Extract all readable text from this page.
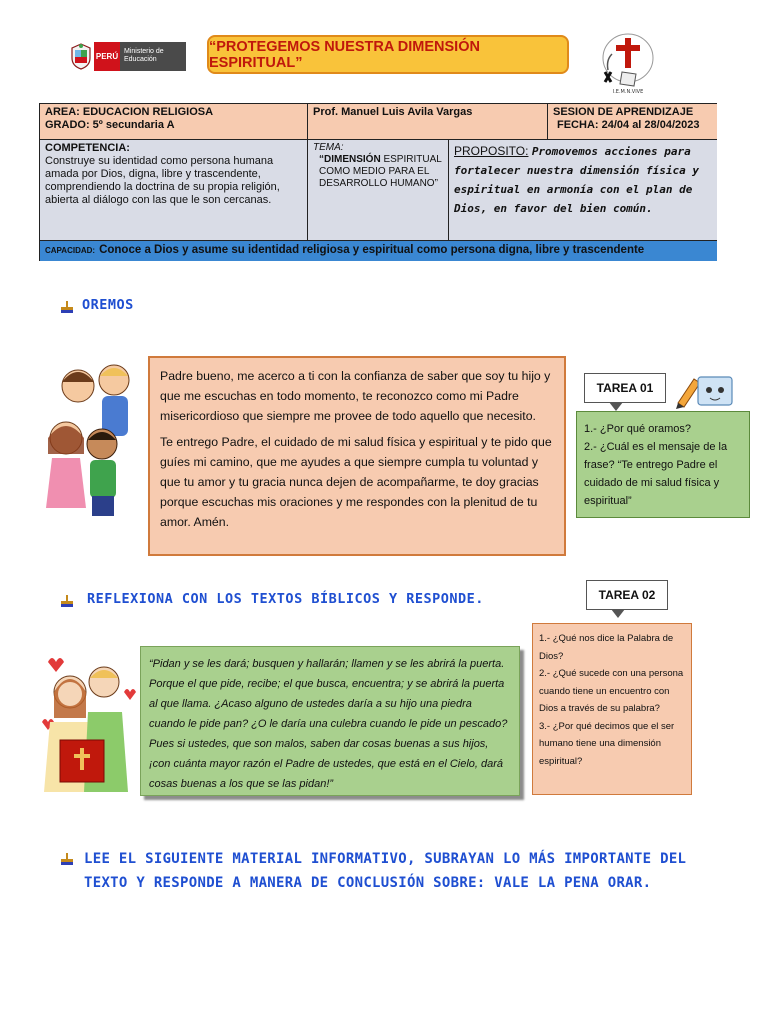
PERÚ
Ministerio de Educación
“PROTEGEMOS NUESTRA DIMENSIÓN ESPIRITUAL”
I.E.M.N.VIVE
AREA: EDUCACION RELIGIOSA
GRADO: 5º secundaria A
Prof. Manuel Luis Avila Vargas	SESION DE APRENDIZAJE
FECHA: 24/04 al 28/04/2023
COMPETENCIA:
Construye su identidad como persona humana amada por Dios, digna, libre y trascendente, comprendiendo la doctrina de su propia religión, abierta al diálogo con las que le son cercanas.
TEMA:
“DIMENSIÓN ESPIRITUAL COMO MEDIO PARA EL DESARROLLO HUMANO”
PROPOSITO: Promovemos acciones para fortalecer nuestra dimensión física y espiritual en armonía con el plan de Dios, en favor del bien común.
CAPACIDAD: Conoce a Dios y asume su identidad religiosa y espiritual como persona digna, libre y trascendente
OREMOS

Padre bueno, me acerco a ti con la confianza de saber que soy tu hijo y que me escuchas en todo momento, te reconozco como mi Padre misericordioso que siempre me provee de todo aquello que necesito.

Te entrego Padre, el cuidado de mi salud física y espiritual y te pido que guíes mi camino, que me ayudes a que siempre cumpla tu voluntad y que tu amor y tu gracia nunca dejen de acompañarme, te doy gracias porque escuchas mis oraciones y me respondes con la plenitud de tu amor. Amén.

TAREA 01
1.- ¿Por qué oramos?
2.- ¿Cuál es el mensaje de la frase? “Te entrego Padre el cuidado de mi salud física y espiritual”
REFLEXIONA CON LOS TEXTOS BÍBLICOS Y RESPONDE.	TAREA 02
1.- ¿Qué nos dice la Palabra de Dios?
2.- ¿Qué sucede con una persona cuando tiene un encuentro con Dios a través de su palabra?
3.- ¿Por qué decimos que el ser humano tiene una dimensión espiritual?
“Pidan y se les dará; busquen y hallarán; llamen y se les abrirá la puerta. Porque el que pide, recibe; el que busca, encuentra; y se abrirá la puerta al que llama. ¿Acaso alguno de ustedes daría a su hijo una piedra cuando le pide pan? ¿O le daría una culebra cuando le pide un pescado? Pues si ustedes, que son malos, saben dar cosas buenas a sus hijos, ¡con cuánta mayor razón el Padre de ustedes, que está en el Cielo, dará cosas buenas a los que se las pidan!”
LEE EL SIGUIENTE MATERIAL INFORMATIVO, SUBRAYAN LO MÁS IMPORTANTE DEL TEXTO Y RESPONDE A MANERA DE CONCLUSIÓN SOBRE: VALE LA PENA ORAR.
